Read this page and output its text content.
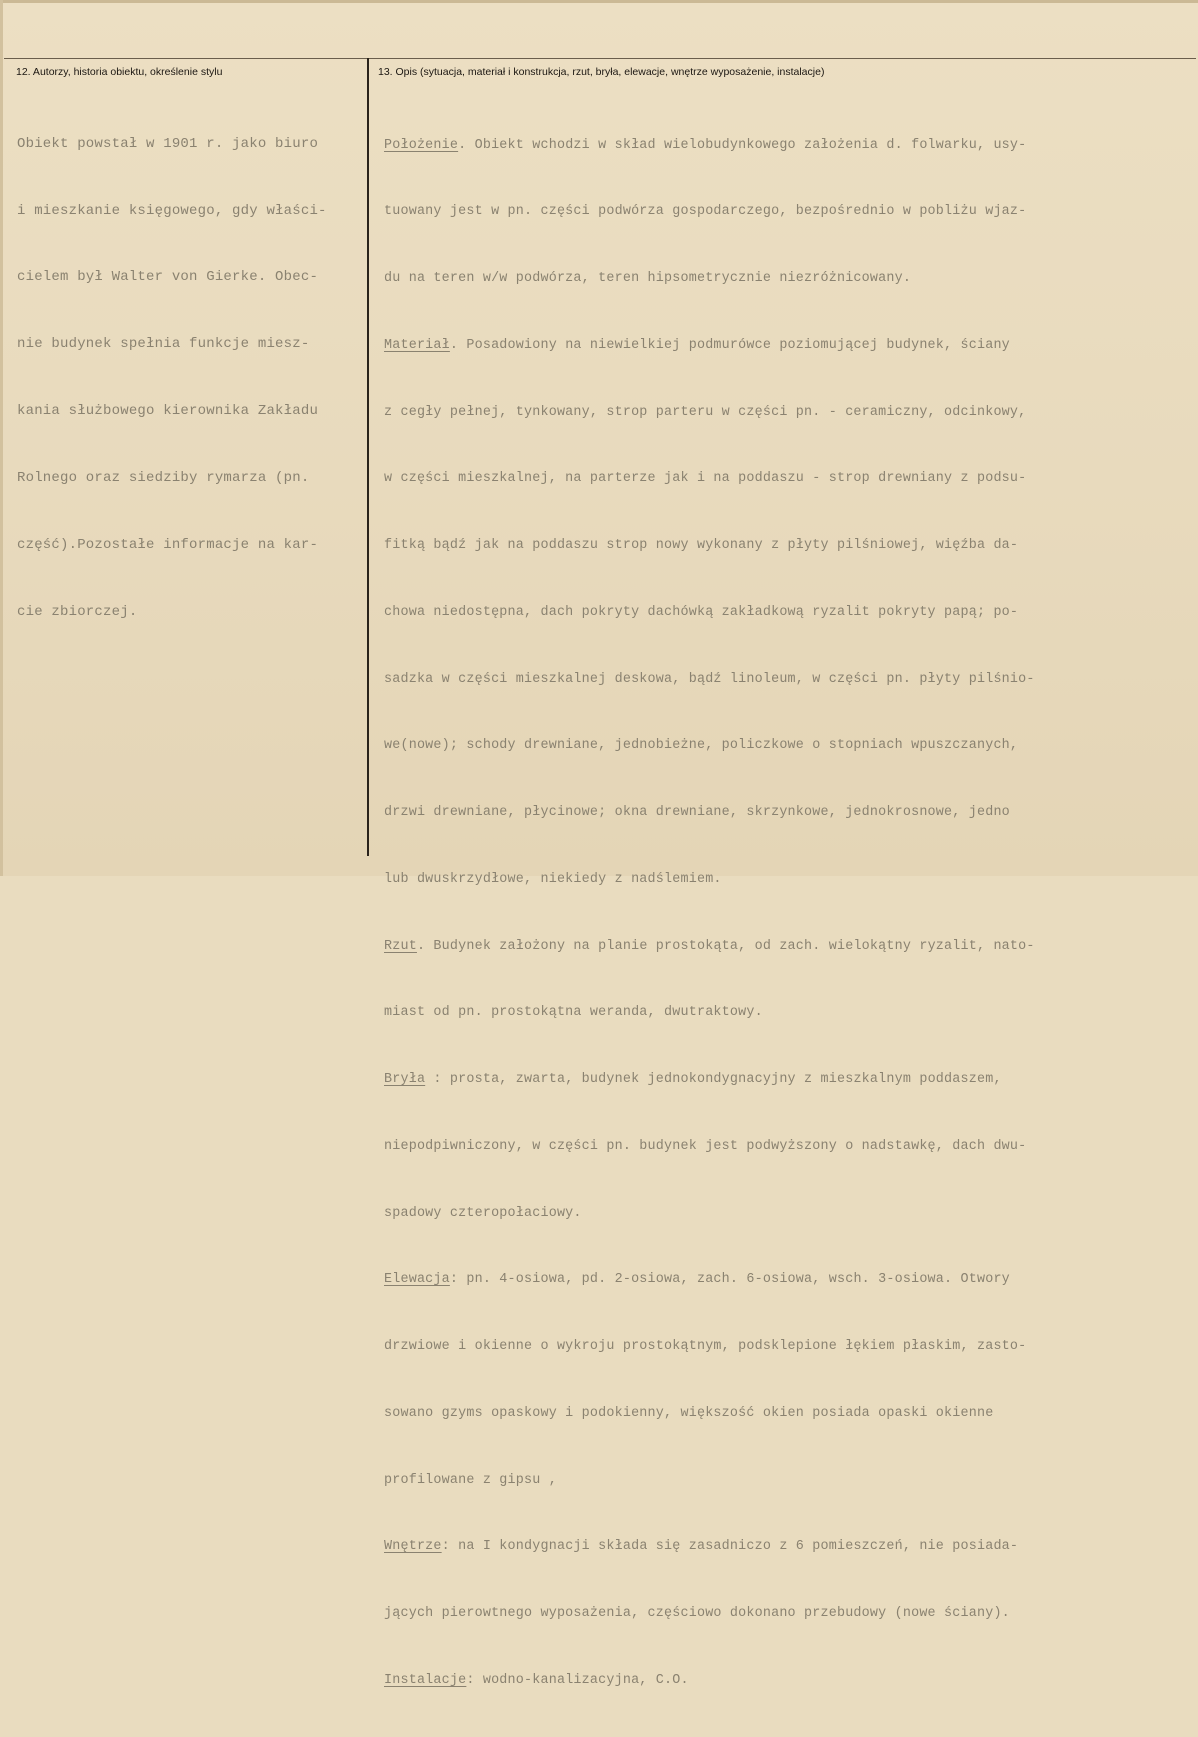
12. Autorzy, historia obiektu, określenie stylu	13. Opis (sytuacja, materiał i konstrukcja, rzut, bryła, elewacje, wnętrze wyposażenie, instalacje)

Obiekt powstał w 1901 r. jako biuro

i mieszkanie księgowego, gdy właści-

cielem był Walter von Gierke. Obec-

nie budynek spełnia funkcje miesz-

kania służbowego kierownika Zakładu

Rolnego oraz siedziby rymarza (pn.

część).Pozostałe informacje na kar-

cie zbiorczej.

Położenie. Obiekt wchodzi w skład wielobudynkowego założenia d. folwarku, usy-

tuowany jest w pn. części podwórza gospodarczego, bezpośrednio w pobliżu wjaz-

du na teren w/w podwórza, teren hipsometrycznie niezróżnicowany.

Materiał. Posadowiony na niewielkiej podmurówce poziomującej budynek, ściany

z cegły pełnej, tynkowany, strop parteru w części pn. - ceramiczny, odcinkowy,

w części mieszkalnej, na parterze jak i na poddaszu - strop drewniany z podsu-

fitką bądź jak na poddaszu strop nowy wykonany z płyty pilśniowej, więźba da-

chowa niedostępna, dach pokryty dachówką zakładkową ryzalit pokryty papą; po-

sadzka w części mieszkalnej deskowa, bądź linoleum, w części pn. płyty pilśnio-

we(nowe); schody drewniane, jednobieżne, policzkowe o stopniach wpuszczanych,

drzwi drewniane, płycinowe; okna drewniane, skrzynkowe, jednokrosnowe, jedno

lub dwuskrzydłowe, niekiedy z nadślemiem.

Rzut. Budynek założony na planie prostokąta, od zach. wielokątny ryzalit, nato-

miast od pn. prostokątna weranda, dwutraktowy.

Bryła : prosta, zwarta, budynek jednokondygnacyjny z mieszkalnym poddaszem,

niepodpiwniczony, w części pn. budynek jest podwyższony o nadstawkę, dach dwu-

spadowy czteropołaciowy.

Elewacja: pn. 4-osiowa, pd. 2-osiowa, zach. 6-osiowa, wsch. 3-osiowa. Otwory

drzwiowe i okienne o wykroju prostokątnym, podsklepione łękiem płaskim, zasto-

sowano gzyms opaskowy i podokienny, większość okien posiada opaski okienne

profilowane z gipsu ,

Wnętrze: na I kondygnacji składa się zasadniczo z 6 pomieszczeń, nie posiada-

jących pierowtnego wyposażenia, częściowo dokonano przebudowy (nowe ściany).

Instalacje: wodno-kanalizacyjna, C.O.
